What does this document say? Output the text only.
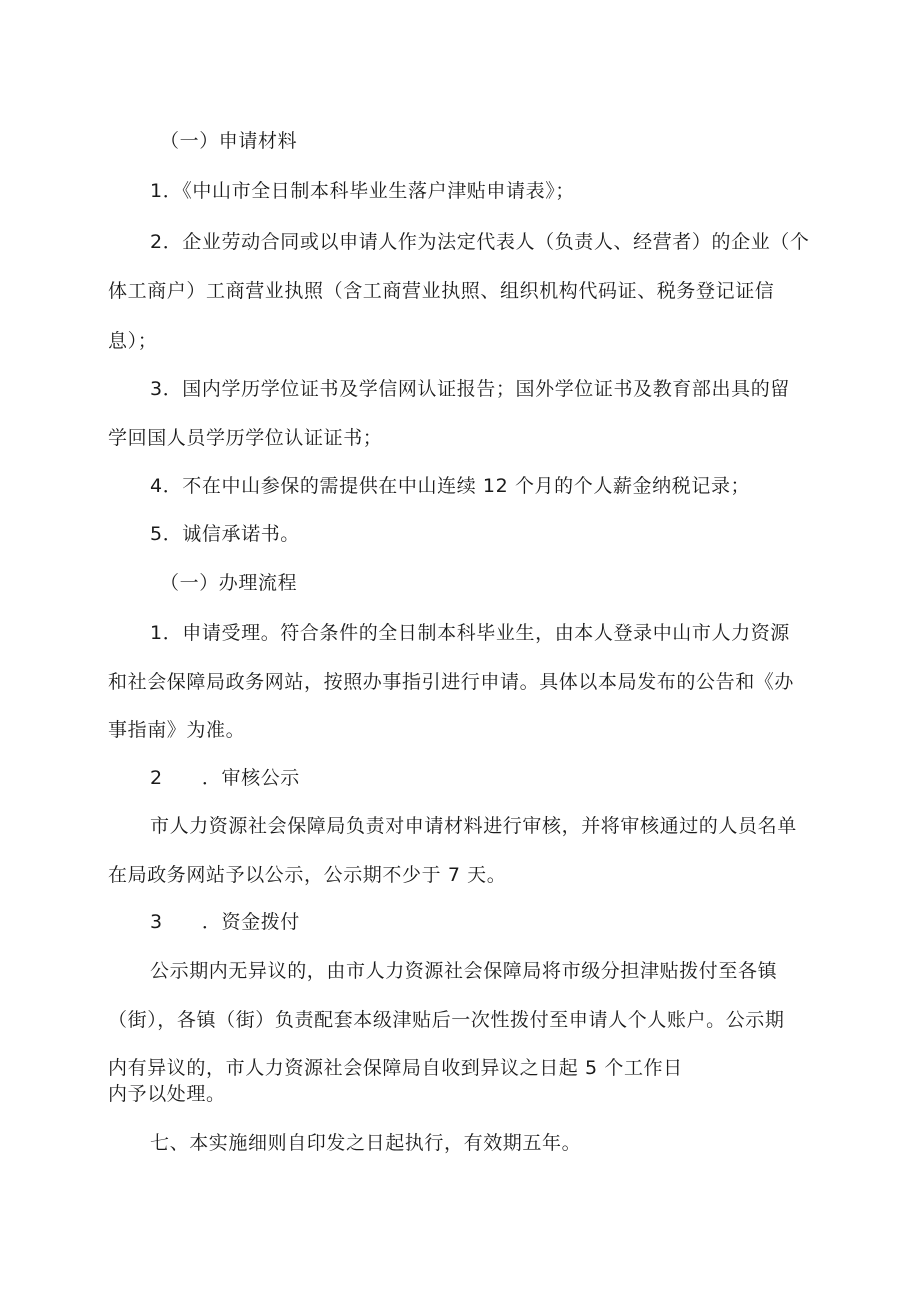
（一）申请材料
1．《中山市全日制本科毕业生落户津贴申请表》；
2．企业劳动合同或以申请人作为法定代表人（负责人、经营者）的企业（个
体工商户）工商营业执照（含工商营业执照、组织机构代码证、税务登记证信
息）；
3．国内学历学位证书及学信网认证报告；国外学位证书及教育部出具的留
学回国人员学历学位认证证书；
4．不在中山参保的需提供在中山连续 12 个月的个人薪金纳税记录；
5．诚信承诺书。
（一）办理流程
1．申请受理。符合条件的全日制本科毕业生，由本人登录中山市人力资源
和社会保障局政务网站，按照办事指引进行申请。具体以本局发布的公告和《办
事指南》为准。
2　　．审核公示
市人力资源社会保障局负责对申请材料进行审核，并将审核通过的人员名单
在局政务网站予以公示，公示期不少于 7 天。
3　　．资金拨付
公示期内无异议的，由市人力资源社会保障局将市级分担津贴拨付至各镇
（街），各镇（街）负责配套本级津贴后一次性拨付至申请人个人账户。公示期
内有异议的，市人力资源社会保障局自收到异议之日起 5 个工作日
内予以处理。
七、本实施细则自印发之日起执行，有效期五年。
